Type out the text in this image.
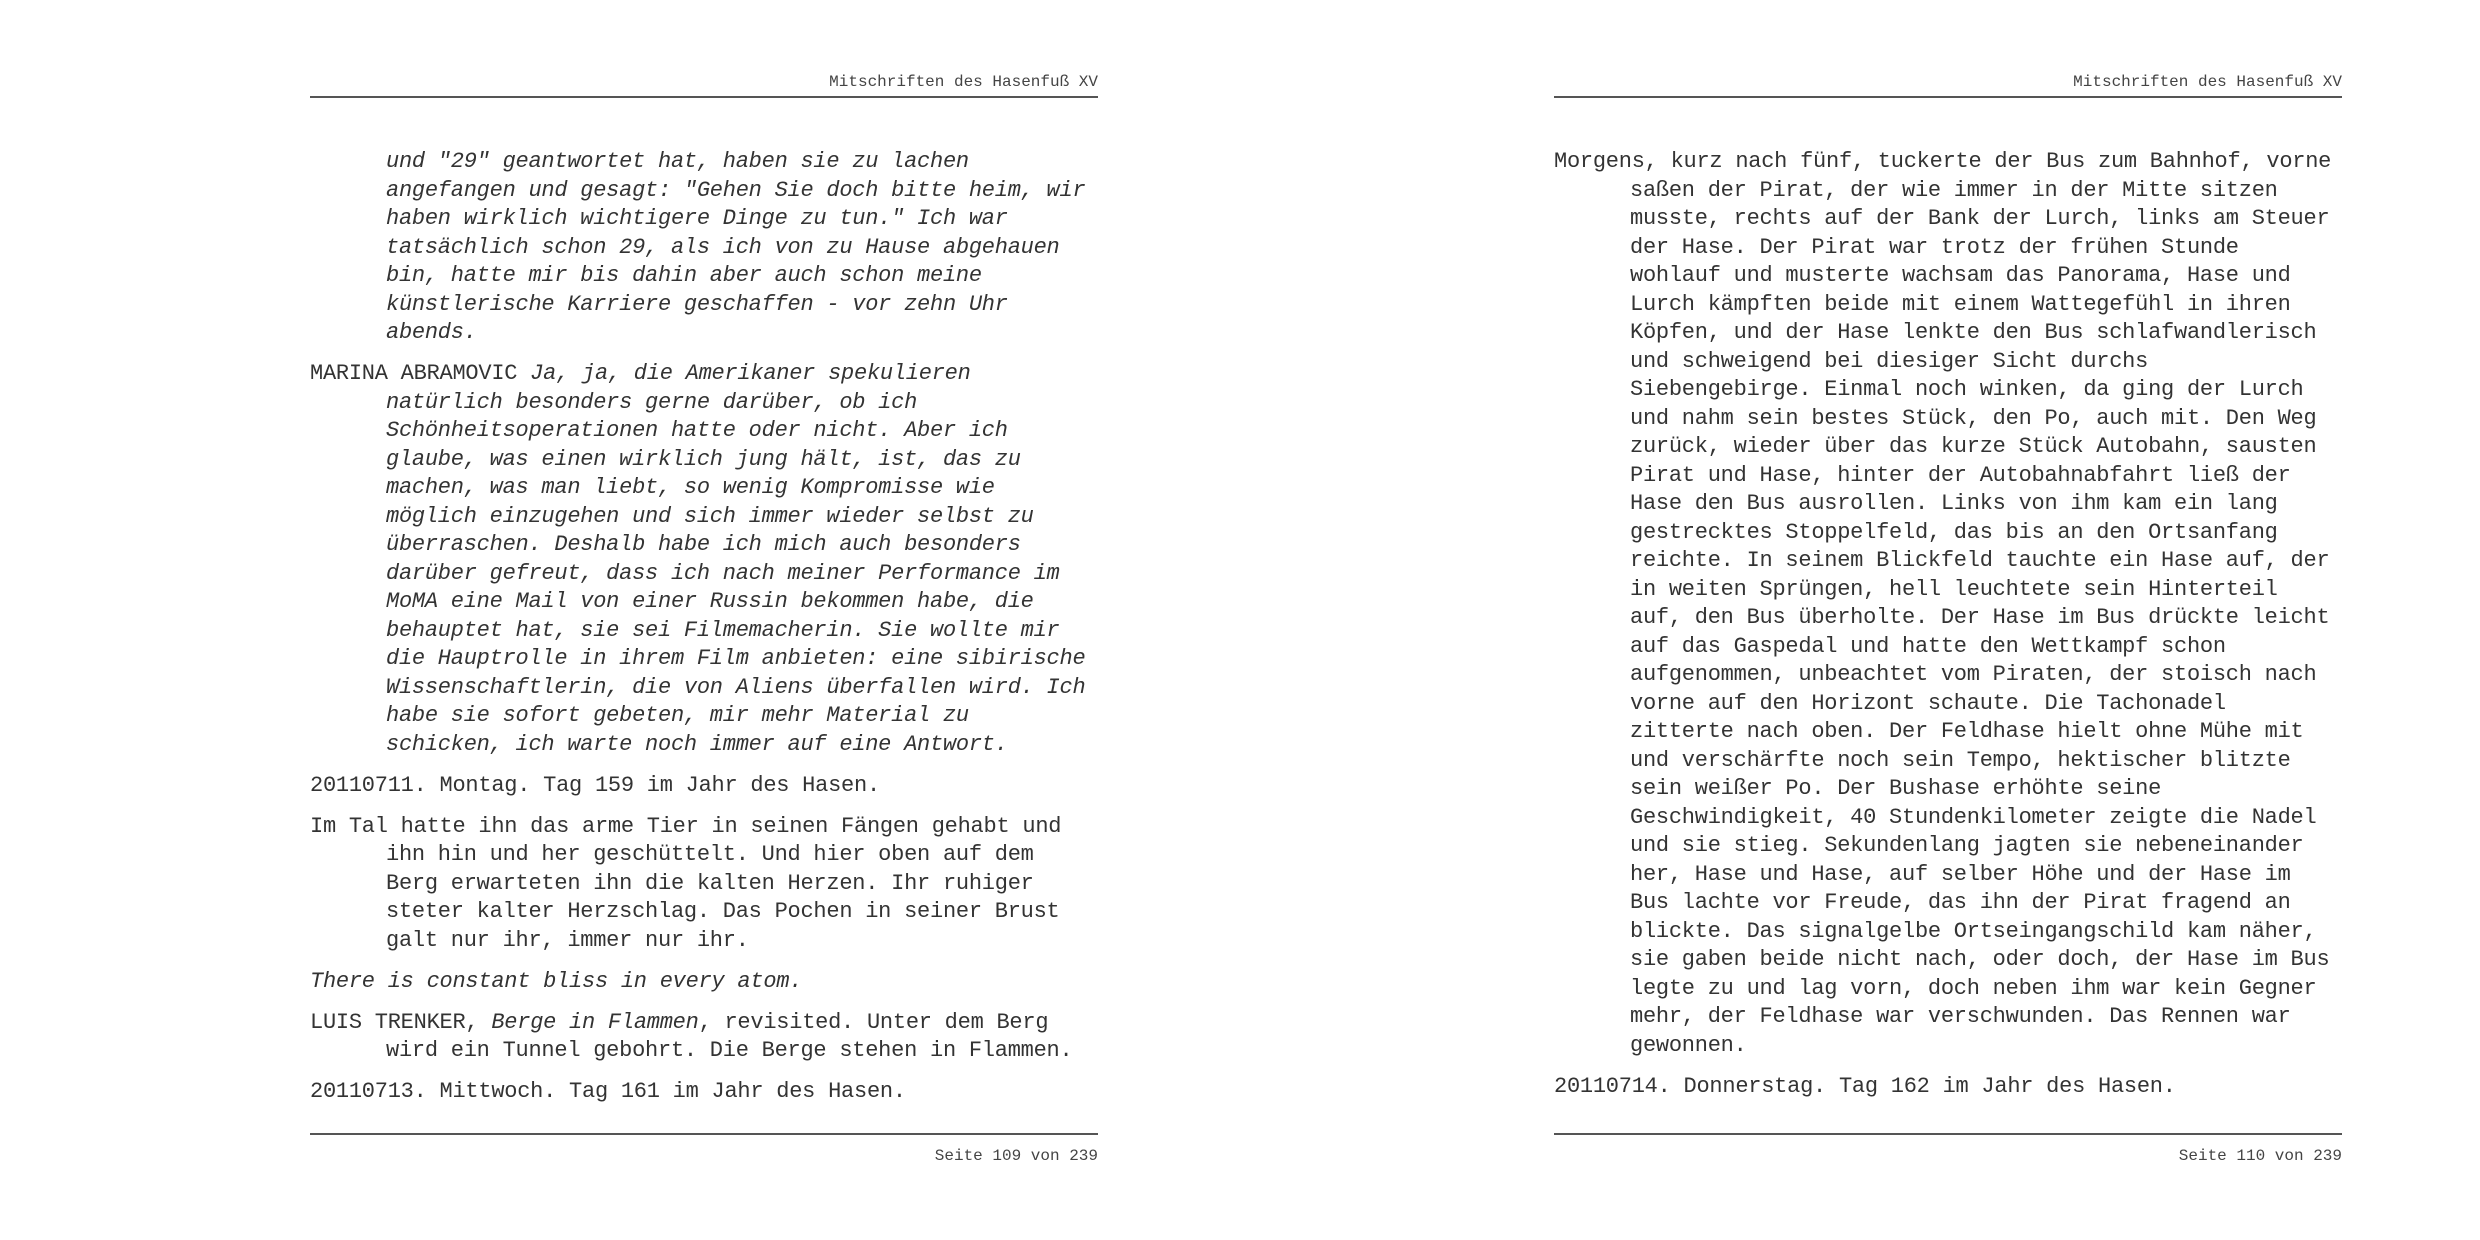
Mitschriften des Hasenfuß XV

und "29" geantwortet hat, haben sie zu lachen
angefangen und gesagt: "Gehen Sie doch bitte heim, wir
haben wirklich wichtigere Dinge zu tun." Ich war
tatsächlich schon 29, als ich von zu Hause abgehauen
bin, hatte mir bis dahin aber auch schon meine
künstlerische Karriere geschaffen - vor zehn Uhr
abends.

MARINA ABRAMOVIC Ja, ja, die Amerikaner spekulieren
natürlich besonders gerne darüber, ob ich
Schönheitsoperationen hatte oder nicht. Aber ich
glaube, was einen wirklich jung hält, ist, das zu
machen, was man liebt, so wenig Kompromisse wie
möglich einzugehen und sich immer wieder selbst zu
überraschen. Deshalb habe ich mich auch besonders
darüber gefreut, dass ich nach meiner Performance im
MoMA eine Mail von einer Russin bekommen habe, die
behauptet hat, sie sei Filmemacherin. Sie wollte mir
die Hauptrolle in ihrem Film anbieten: eine sibirische
Wissenschaftlerin, die von Aliens überfallen wird. Ich
habe sie sofort gebeten, mir mehr Material zu
schicken, ich warte noch immer auf eine Antwort.

20110711. Montag. Tag 159 im Jahr des Hasen.

Im Tal hatte ihn das arme Tier in seinen Fängen gehabt und
ihn hin und her geschüttelt. Und hier oben auf dem
Berg erwarteten ihn die kalten Herzen. Ihr ruhiger
steter kalter Herzschlag. Das Pochen in seiner Brust
galt nur ihr, immer nur ihr.

There is constant bliss in every atom.

LUIS TRENKER, Berge in Flammen, revisited. Unter dem Berg
wird ein Tunnel gebohrt. Die Berge stehen in Flammen.

20110713. Mittwoch. Tag 161 im Jahr des Hasen.

Seite 109 von 239
Mitschriften des Hasenfuß XV

Morgens, kurz nach fünf, tuckerte der Bus zum Bahnhof, vorne
saßen der Pirat, der wie immer in der Mitte sitzen
musste, rechts auf der Bank der Lurch, links am Steuer
der Hase. Der Pirat war trotz der frühen Stunde
wohlauf und musterte wachsam das Panorama, Hase und
Lurch kämpften beide mit einem Wattegefühl in ihren
Köpfen, und der Hase lenkte den Bus schlafwandlerisch
und schweigend bei diesiger Sicht durchs
Siebengebirge. Einmal noch winken, da ging der Lurch
und nahm sein bestes Stück, den Po, auch mit. Den Weg
zurück, wieder über das kurze Stück Autobahn, sausten
Pirat und Hase, hinter der Autobahnabfahrt ließ der
Hase den Bus ausrollen. Links von ihm kam ein lang
gestrecktes Stoppelfeld, das bis an den Ortsanfang
reichte. In seinem Blickfeld tauchte ein Hase auf, der
in weiten Sprüngen, hell leuchtete sein Hinterteil
auf, den Bus überholte. Der Hase im Bus drückte leicht
auf das Gaspedal und hatte den Wettkampf schon
aufgenommen, unbeachtet vom Piraten, der stoisch nach
vorne auf den Horizont schaute. Die Tachonadel
zitterte nach oben. Der Feldhase hielt ohne Mühe mit
und verschärfte noch sein Tempo, hektischer blitzte
sein weißer Po. Der Bushase erhöhte seine
Geschwindigkeit, 40 Stundenkilometer zeigte die Nadel
und sie stieg. Sekundenlang jagten sie nebeneinander
her, Hase und Hase, auf selber Höhe und der Hase im
Bus lachte vor Freude, das ihn der Pirat fragend an
blickte. Das signalgelbe Ortseingangschild kam näher,
sie gaben beide nicht nach, oder doch, der Hase im Bus
legte zu und lag vorn, doch neben ihm war kein Gegner
mehr, der Feldhase war verschwunden. Das Rennen war
gewonnen.

20110714. Donnerstag. Tag 162 im Jahr des Hasen.

Seite 110 von 239
